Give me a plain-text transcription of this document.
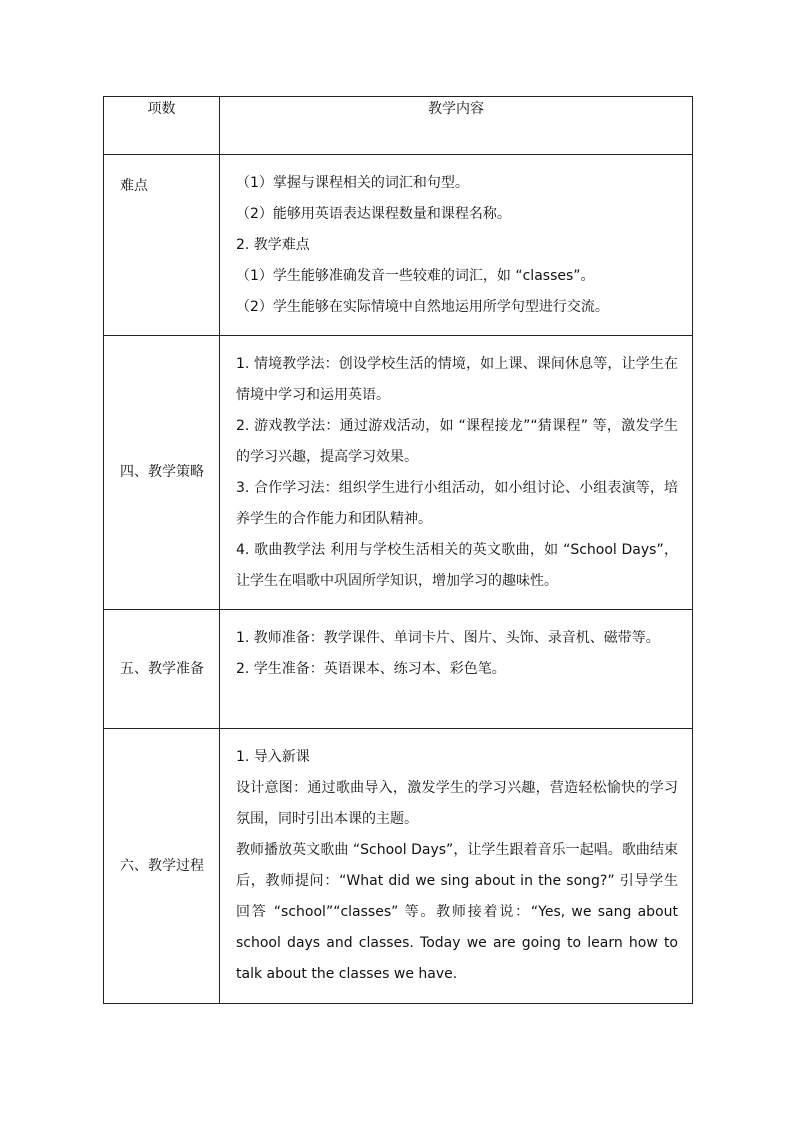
项数	教学内容
难点	（1）掌握与课程相关的词汇和句型。
（2）能够用英语表达课程数量和课程名称。
2. 教学难点
（1）学生能够准确发音一些较难的词汇，如 “classes”。
（2）学生能够在实际情境中自然地运用所学句型进行交流。

四、教学策略	1. 情境教学法：创设学校生活的情境，如上课、课间休息等，让学生在情境中学习和运用英语。
2. 游戏教学法：通过游戏活动，如 “课程接龙”“猜课程” 等，激发学生的学习兴趣，提高学习效果。
3. 合作学习法：组织学生进行小组活动，如小组讨论、小组表演等，培养学生的合作能力和团队精神。
4. 歌曲教学法 利用与学校生活相关的英文歌曲，如 “School Days”，让学生在唱歌中巩固所学知识，增加学习的趣味性。

五、教学准备	1. 教师准备：教学课件、单词卡片、图片、头饰、录音机、磁带等。
2. 学生准备：英语课本、练习本、彩色笔。

六、教学过程	1. 导入新课
设计意图：通过歌曲导入，激发学生的学习兴趣，营造轻松愉快的学习氛围，同时引出本课的主题。
教师播放英文歌曲 “School Days”，让学生跟着音乐一起唱。歌曲结束后，教师提问：“What did we sing about in the song?” 引导学生回答 “school”“classes” 等。教师接着说：“Yes, we sang about school days and classes. Today we are going to learn how to talk about the classes we have.
